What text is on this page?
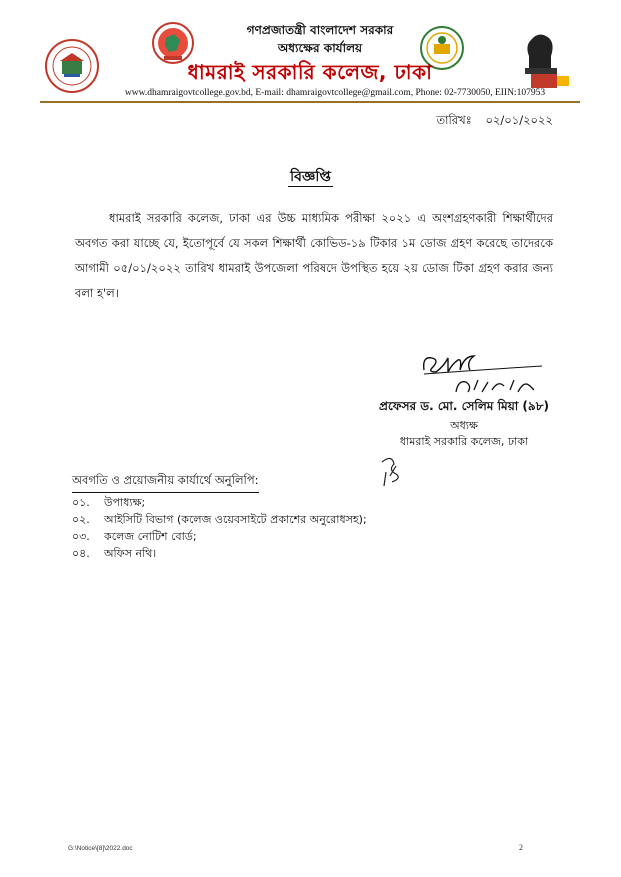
গণপ্রজাতন্ত্রী বাংলাদেশ সরকার
অধ্যক্ষের কার্যালয়
ধামরাই সরকারি কলেজ, ঢাকা
www.dhamraigovtcollege.gov.bd, E-mail: dhamraigovtcollege@gmail.com, Phone: 02-7730050, EIIN:107953
তারিখঃ ০২/০১/২০২২
বিজ্ঞপ্তি
ধামরাই সরকারি কলেজ, ঢাকা এর উচ্চ মাধ্যমিক পরীক্ষা ২০২১ এ অংশগ্রহণকারী শিক্ষার্থীদের অবগত করা যাচ্ছে যে, ইতোপূর্বে যে সকল শিক্ষার্থী কোভিড-১৯ টিকার ১ম ডোজ গ্রহণ করেছে তাদেরকে আগামী ০৫/০১/২০২২ তারিখ ধামরাই উপজেলা পরিষদে উপস্থিত হয়ে ২য় ডোজ টিকা গ্রহণ করার জন্য বলা হ'ল।
প্রফেসর ড. মো. সেলিম মিয়া (৯৮)
অধ্যক্ষ
ধামরাই সরকারি কলেজ, ঢাকা
অবগতি ও প্রয়োজনীয় কার্যার্থে অনুলিপি:
০১.	উপাধ্যক্ষ;
০২.	আইসিটি বিভাগ (কলেজ ওয়েবসাইটে প্রকাশের অনুরোধসহ);
০৩.	কলেজ নোটিশ বোর্ড;
০৪.	অফিস নথি।
G:\Notice\[8]\2022.doc	2
